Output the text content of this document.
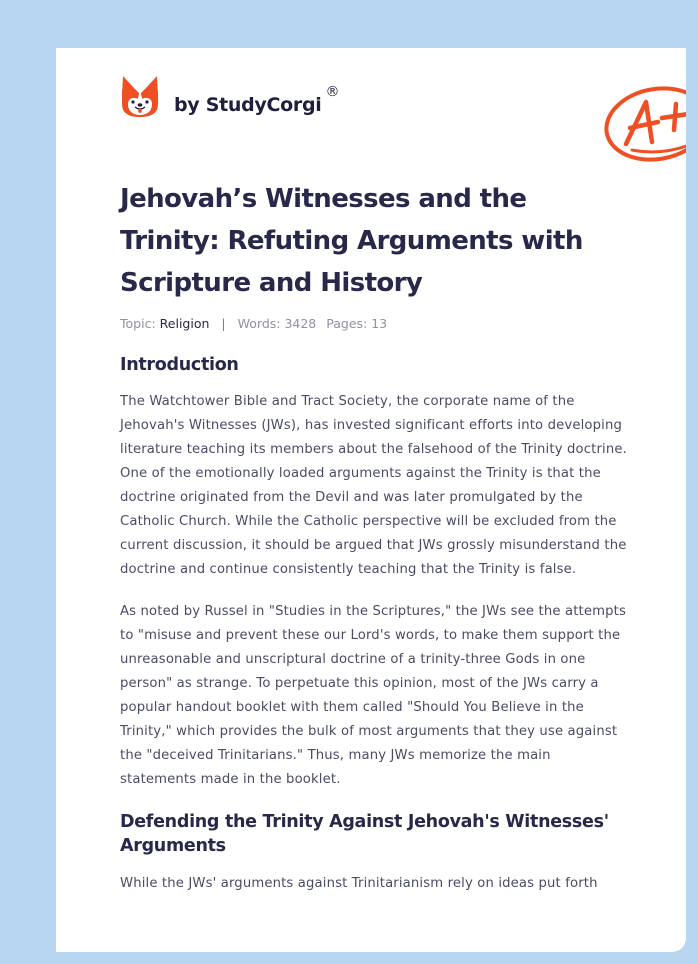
by StudyCorgi
®
Jehovah’s Witnesses and the Trinity: Refuting Arguments with Scripture and History
Topic: Religion | Words: 3428 Pages: 13
Introduction

The Watchtower Bible and Tract Society, the corporate name of the Jehovah's Witnesses (JWs), has invested significant efforts into developing literature teaching its members about the falsehood of the Trinity doctrine. One of the emotionally loaded arguments against the Trinity is that the doctrine originated from the Devil and was later promulgated by the Catholic Church. While the Catholic perspective will be excluded from the current discussion, it should be argued that JWs grossly misunderstand the doctrine and continue consistently teaching that the Trinity is false.

As noted by Russel in "Studies in the Scriptures," the JWs see the attempts to "misuse and prevent these our Lord's words, to make them support the unreasonable and unscriptural doctrine of a trinity-three Gods in one person" as strange. To perpetuate this opinion, most of the JWs carry a popular handout booklet with them called "Should You Believe in the Trinity," which provides the bulk of most arguments that they use against the "deceived Trinitarians." Thus, many JWs memorize the main statements made in the booklet.

Defending the Trinity Against Jehovah's Witnesses' Arguments

While the JWs' arguments against Trinitarianism rely on ideas put forth
